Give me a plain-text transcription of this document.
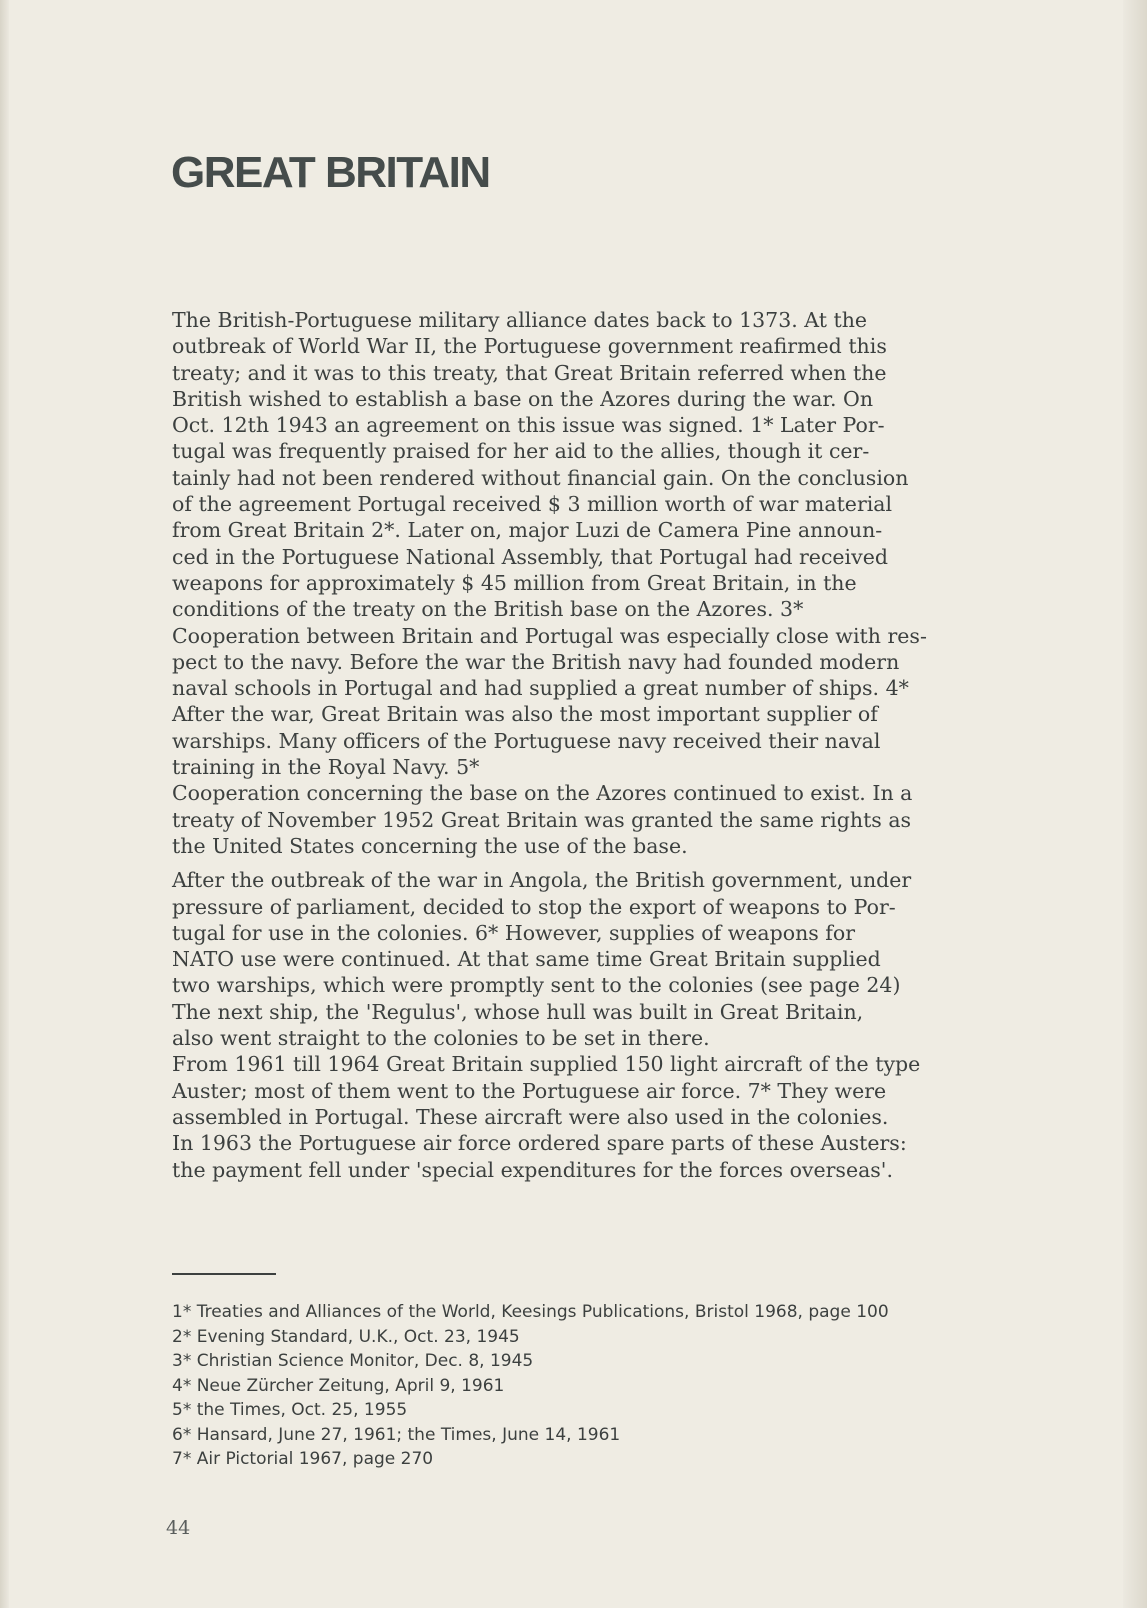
GREAT BRITAIN
The British-Portuguese military alliance dates back to 1373. At the
outbreak of World War II, the Portuguese government reafirmed this
treaty; and it was to this treaty, that Great Britain referred when the
British wished to establish a base on the Azores during the war. On
Oct. 12th 1943 an agreement on this issue was signed. 1* Later Por-
tugal was frequently praised for her aid to the allies, though it cer-
tainly had not been rendered without financial gain. On the conclusion
of the agreement Portugal received $ 3 million worth of war material
from Great Britain 2*. Later on, major Luzi de Camera Pine announ-
ced in the Portuguese National Assembly, that Portugal had received
weapons for approximately $ 45 million from Great Britain, in the
conditions of the treaty on the British base on the Azores. 3*
Cooperation between Britain and Portugal was especially close with res-
pect to the navy. Before the war the British navy had founded modern
naval schools in Portugal and had supplied a great number of ships. 4*
After the war, Great Britain was also the most important supplier of
warships. Many officers of the Portuguese navy received their naval
training in the Royal Navy. 5*
Cooperation concerning the base on the Azores continued to exist. In a
treaty of November 1952 Great Britain was granted the same rights as
the United States concerning the use of the base.
After the outbreak of the war in Angola, the British government, under
pressure of parliament, decided to stop the export of weapons to Por-
tugal for use in the colonies. 6* However, supplies of weapons for
NATO use were continued. At that same time Great Britain supplied
two warships, which were promptly sent to the colonies (see page 24)
The next ship, the 'Regulus', whose hull was built in Great Britain,
also went straight to the colonies to be set in there.
From 1961 till 1964 Great Britain supplied 150 light aircraft of the type
Auster; most of them went to the Portuguese air force. 7* They were
assembled in Portugal. These aircraft were also used in the colonies.
In 1963 the Portuguese air force ordered spare parts of these Austers:
the payment fell under 'special expenditures for the forces overseas'.
1* Treaties and Alliances of the World, Keesings Publications, Bristol 1968, page 100
2* Evening Standard, U.K., Oct. 23, 1945
3* Christian Science Monitor, Dec. 8, 1945
4* Neue Zürcher Zeitung, April 9, 1961
5* the Times, Oct. 25, 1955
6* Hansard, June 27, 1961; the Times, June 14, 1961
7* Air Pictorial 1967, page 270
44
